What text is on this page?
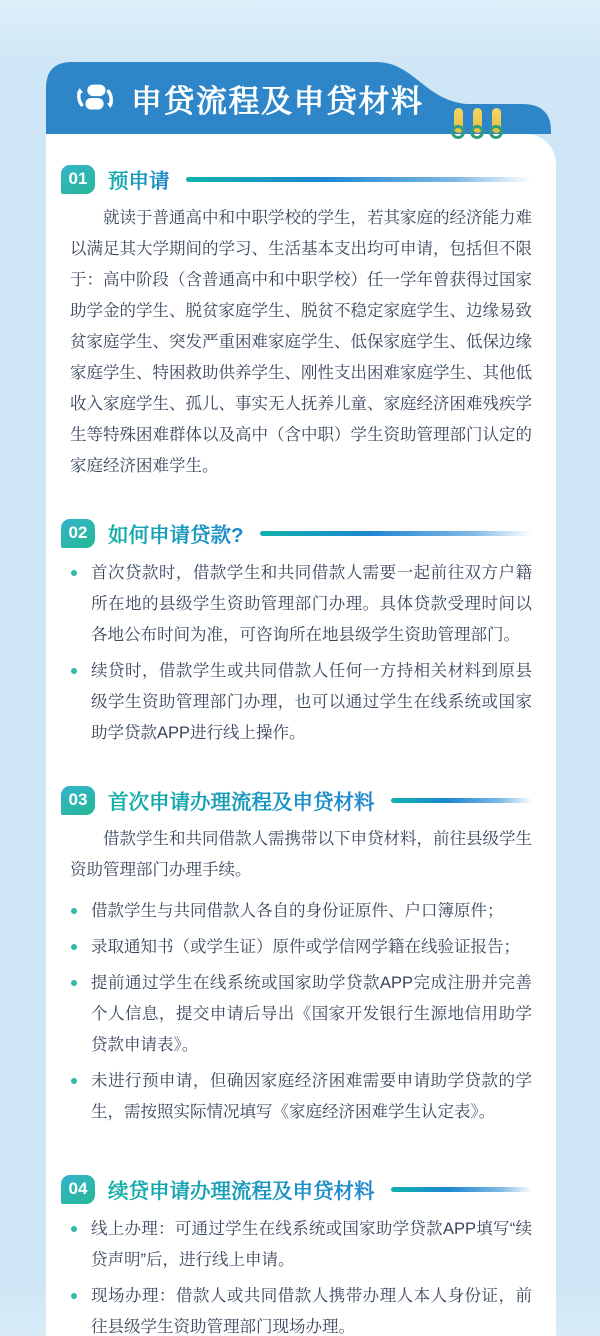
申贷流程及申贷材料
01	预申请

就读于普通高中和中职学校的学生，若其家庭的经济能力难以满足其大学期间的学习、生活基本支出均可申请，包括但不限于：高中阶段（含普通高中和中职学校）任一学年曾获得过国家助学金的学生、脱贫家庭学生、脱贫不稳定家庭学生、边缘易致贫家庭学生、突发严重困难家庭学生、低保家庭学生、低保边缘家庭学生、特困救助供养学生、刚性支出困难家庭学生、其他低收入家庭学生、孤儿、事实无人抚养儿童、家庭经济困难残疾学生等特殊困难群体以及高中（含中职）学生资助管理部门认定的家庭经济困难学生。

02	如何申请贷款?
首次贷款时，借款学生和共同借款人需要一起前往双方户籍所在地的县级学生资助管理部门办理。具体贷款受理时间以各地公布时间为准，可咨询所在地县级学生资助管理部门。
续贷时，借款学生或共同借款人任何一方持相关材料到原县级学生资助管理部门办理，也可以通过学生在线系统或国家助学贷款APP进行线上操作。
03	首次申请办理流程及申贷材料

借款学生和共同借款人需携带以下申贷材料，前往县级学生资助管理部门办理手续。

借款学生与共同借款人各自的身份证原件、户口簿原件；
录取通知书（或学生证）原件或学信网学籍在线验证报告；
提前通过学生在线系统或国家助学贷款APP完成注册并完善个人信息，提交申请后导出《国家开发银行生源地信用助学贷款申请表》。
未进行预申请，但确因家庭经济困难需要申请助学贷款的学生，需按照实际情况填写《家庭经济困难学生认定表》。
04	续贷申请办理流程及申贷材料
线上办理：可通过学生在线系统或国家助学贷款APP填写“续贷声明”后，进行线上申请。
现场办理：借款人或共同借款人携带办理人本人身份证，前往县级学生资助管理部门现场办理。
